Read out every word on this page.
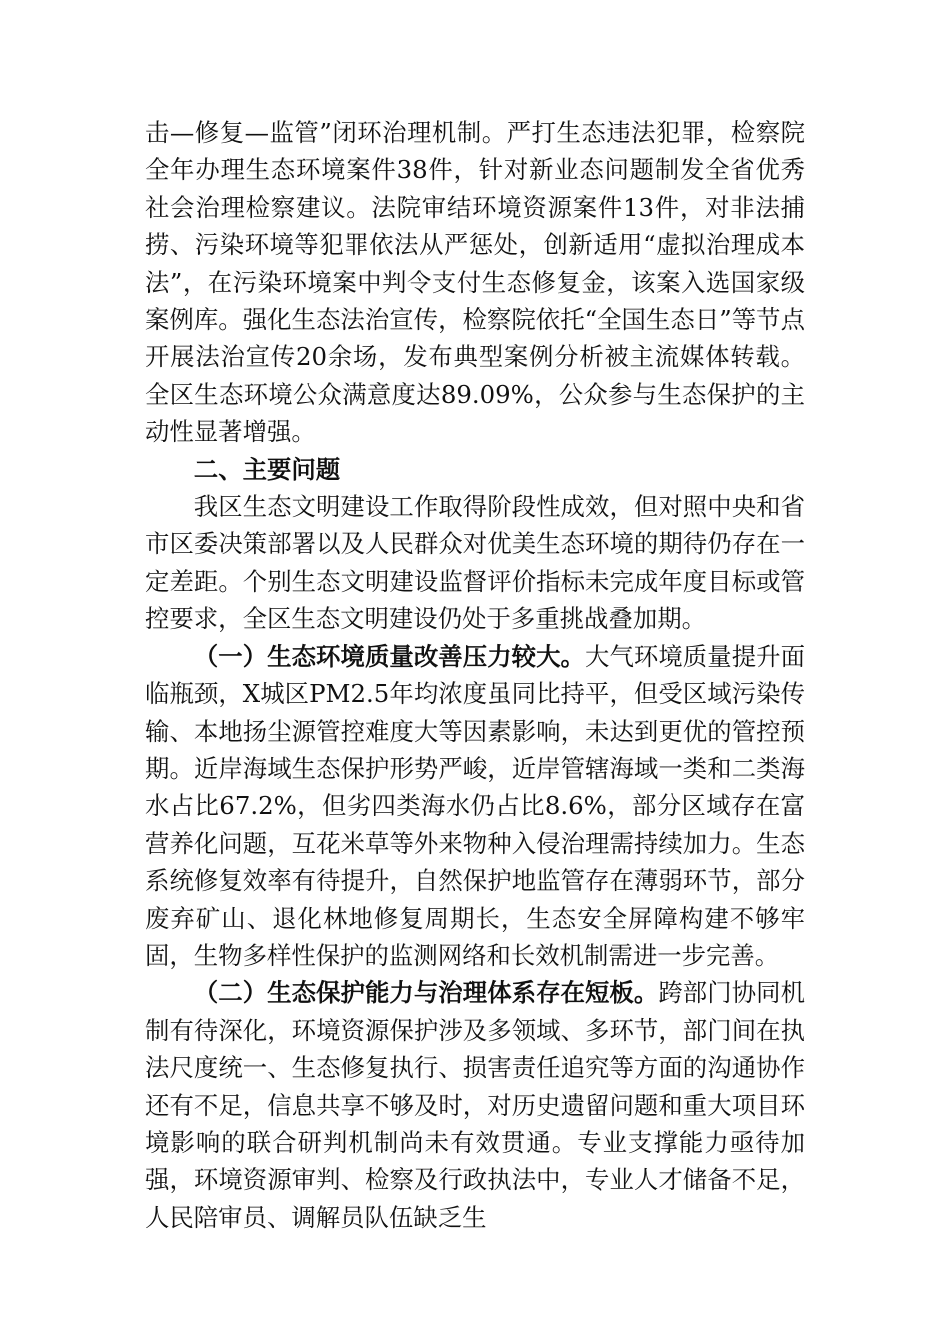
击—修复—监管”闭环治理机制。严打生态违法犯罪，检察院全年办理生态环境案件38件，针对新业态问题制发全省优秀社会治理检察建议。法院审结环境资源案件13件，对非法捕捞、污染环境等犯罪依法从严惩处，创新适用“虚拟治理成本法”，在污染环境案中判令支付生态修复金，该案入选国家级案例库。强化生态法治宣传，检察院依托“全国生态日”等节点开展法治宣传20余场，发布典型案例分析被主流媒体转载。全区生态环境公众满意度达89.09%，公众参与生态保护的主动性显著增强。

二、主要问题

我区生态文明建设工作取得阶段性成效，但对照中央和省市区委决策部署以及人民群众对优美生态环境的期待仍存在一定差距。个别生态文明建设监督评价指标未完成年度目标或管控要求，全区生态文明建设仍处于多重挑战叠加期。

（一）生态环境质量改善压力较大。大气环境质量提升面临瓶颈，X城区PM2.5年均浓度虽同比持平，但受区域污染传输、本地扬尘源管控难度大等因素影响，未达到更优的管控预期。近岸海域生态保护形势严峻，近岸管辖海域一类和二类海水占比67.2%，但劣四类海水仍占比8.6%，部分区域存在富营养化问题，互花米草等外来物种入侵治理需持续加力。生态系统修复效率有待提升，自然保护地监管存在薄弱环节，部分废弃矿山、退化林地修复周期长，生态安全屏障构建不够牢固，生物多样性保护的监测网络和长效机制需进一步完善。

（二）生态保护能力与治理体系存在短板。跨部门协同机制有待深化，环境资源保护涉及多领域、多环节，部门间在执法尺度统一、生态修复执行、损害责任追究等方面的沟通协作还有不足，信息共享不够及时，对历史遗留问题和重大项目环境影响的联合研判机制尚未有效贯通。专业支撑能力亟待加强，环境资源审判、检察及行政执法中，专业人才储备不足，人民陪审员、调解员队伍缺乏生
